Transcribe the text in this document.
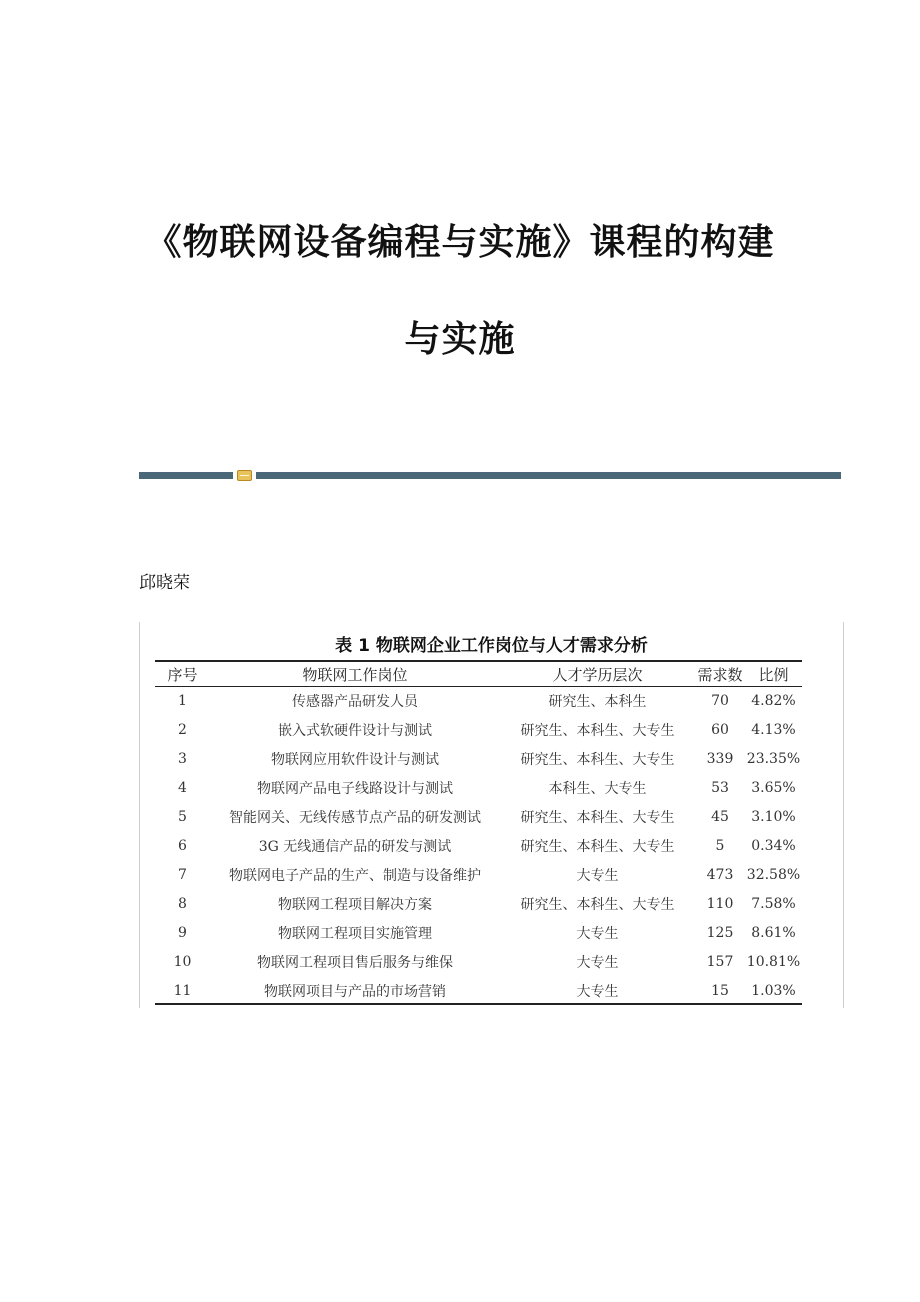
《物联网设备编程与实施》课程的构建
与实施
邱晓荣
表 1 物联网企业工作岗位与人才需求分析
序号	物联网工作岗位	人才学历层次	需求数	比例
1	传感器产品研发人员	研究生、本科生	70	4.82%
2	嵌入式软硬件设计与测试	研究生、本科生、大专生	60	4.13%
3	物联网应用软件设计与测试	研究生、本科生、大专生	339	23.35%
4	物联网产品电子线路设计与测试	本科生、大专生	53	3.65%
5	智能网关、无线传感节点产品的研发测试	研究生、本科生、大专生	45	3.10%
6	3G 无线通信产品的研发与测试	研究生、本科生、大专生	5	0.34%
7	物联网电子产品的生产、制造与设备维护	大专生	473	32.58%
8	物联网工程项目解决方案	研究生、本科生、大专生	110	7.58%
9	物联网工程项目实施管理	大专生	125	8.61%
10	物联网工程项目售后服务与维保	大专生	157	10.81%
11	物联网项目与产品的市场营销	大专生	15	1.03%
